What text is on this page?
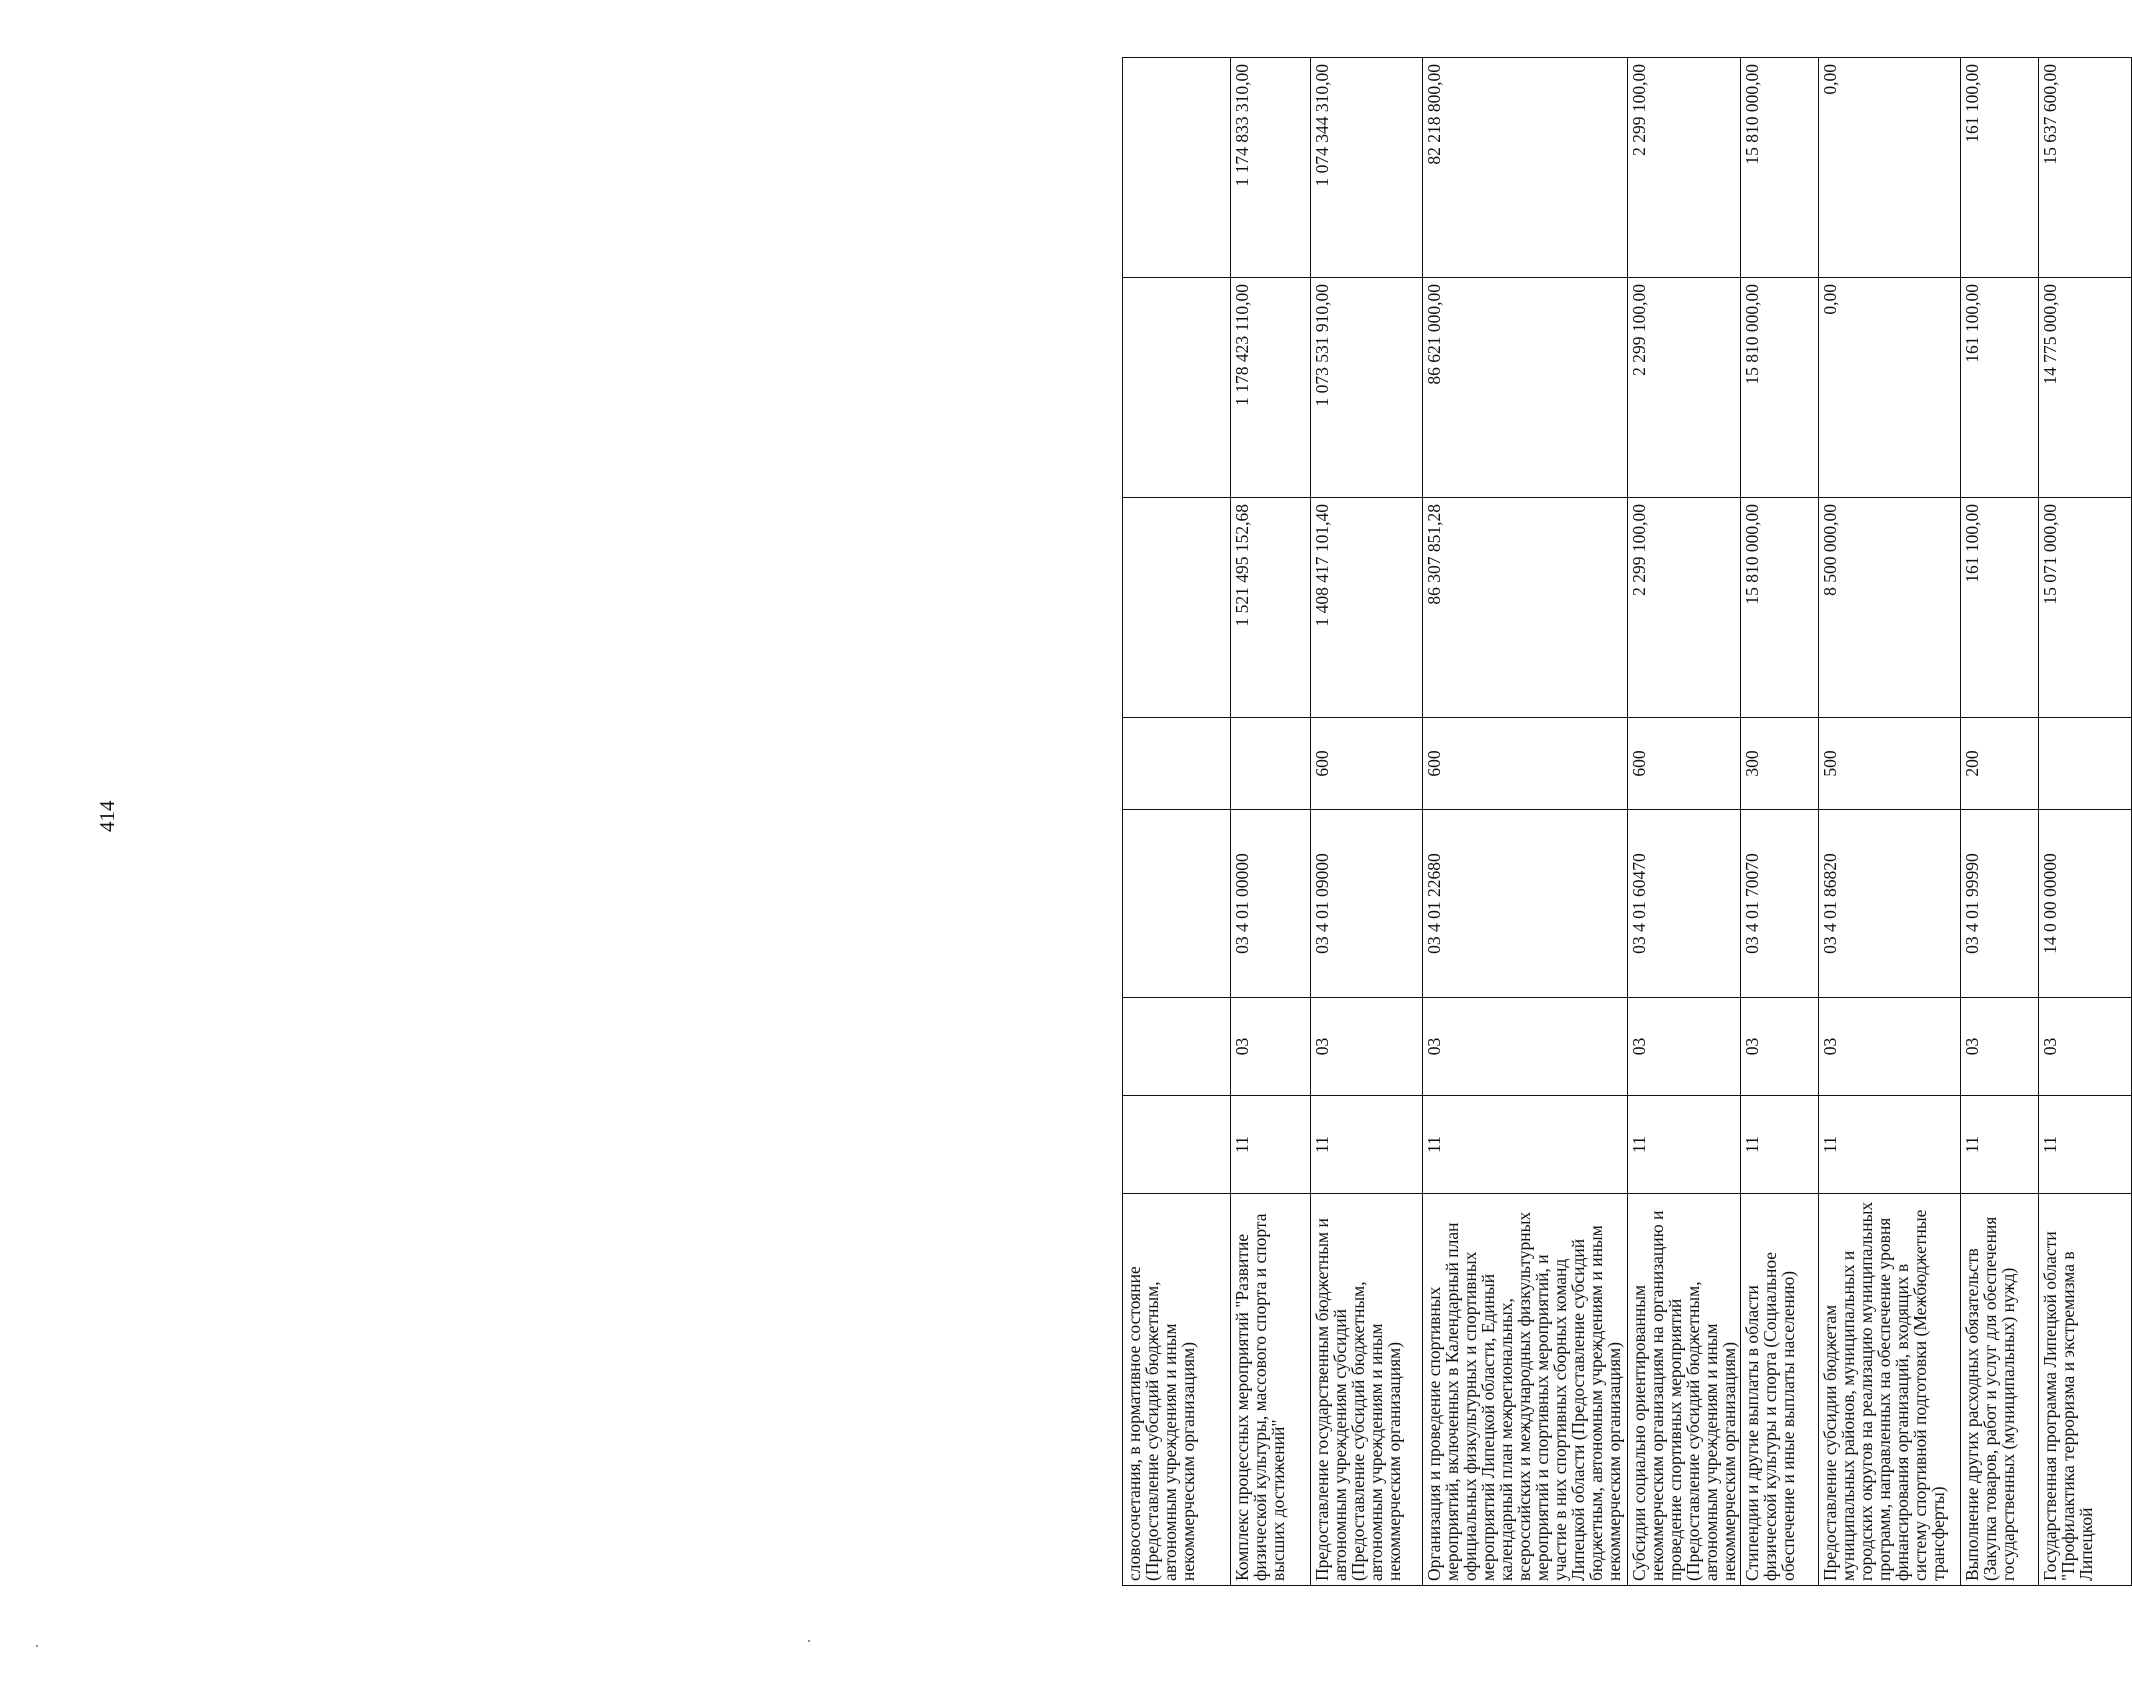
414
словосочетания, в нормативное состояние (Предоставление субсидий бюджетным, автономным учреждениям и иным некоммерческим организациям)							
Комплекс процессных мероприятий "Развитие физической культуры, массового спорта и спорта высших достижений"	11	03	03 4 01 00000		1 521 495 152,68	1 178 423 110,00	1 174 833 310,00
Предоставление государственным бюджетным и автономным учреждениям субсидий (Предоставление субсидий бюджетным, автономным учреждениям и иным некоммерческим организациям)	11	03	03 4 01 09000	600	1 408 417 101,40	1 073 531 910,00	1 074 344 310,00
Организация и проведение спортивных мероприятий, включенных в Календарный план официальных физкультурных и спортивных мероприятий Липецкой области, Единый календарный план межрегиональных, всероссийских и международных физкультурных мероприятий и спортивных мероприятий, и участие в них спортивных сборных команд Липецкой области (Предоставление субсидий бюджетным, автономным учреждениям и иным некоммерческим организациям)	11	03	03 4 01 22680	600	86 307 851,28	86 621 000,00	82 218 800,00
Субсидии социально ориентированным некоммерческим организациям на организацию и проведение спортивных мероприятий (Предоставление субсидий бюджетным, автономным учреждениям и иным некоммерческим организациям)	11	03	03 4 01 60470	600	2 299 100,00	2 299 100,00	2 299 100,00
Стипендии и другие выплаты в области физической культуры и спорта (Социальное обеспечение и иные выплаты населению)	11	03	03 4 01 70070	300	15 810 000,00	15 810 000,00	15 810 000,00
Предоставление субсидии бюджетам муниципальных районов, муниципальных и городских округов на реализацию муниципальных программ, направленных на обеспечение уровня финансирования организаций, входящих в систему спортивной подготовки (Межбюджетные трансферты)	11	03	03 4 01 86820	500	8 500 000,00	0,00	0,00
Выполнение других расходных обязательств (Закупка товаров, работ и услуг для обеспечения государственных (муниципальных) нужд)	11	03	03 4 01 99990	200	161 100,00	161 100,00	161 100,00
Государственная программа Липецкой области "Профилактика терроризма и экстремизма в Липецкой	11	03	14 0 00 00000		15 071 000,00	14 775 000,00	15 637 600,00
